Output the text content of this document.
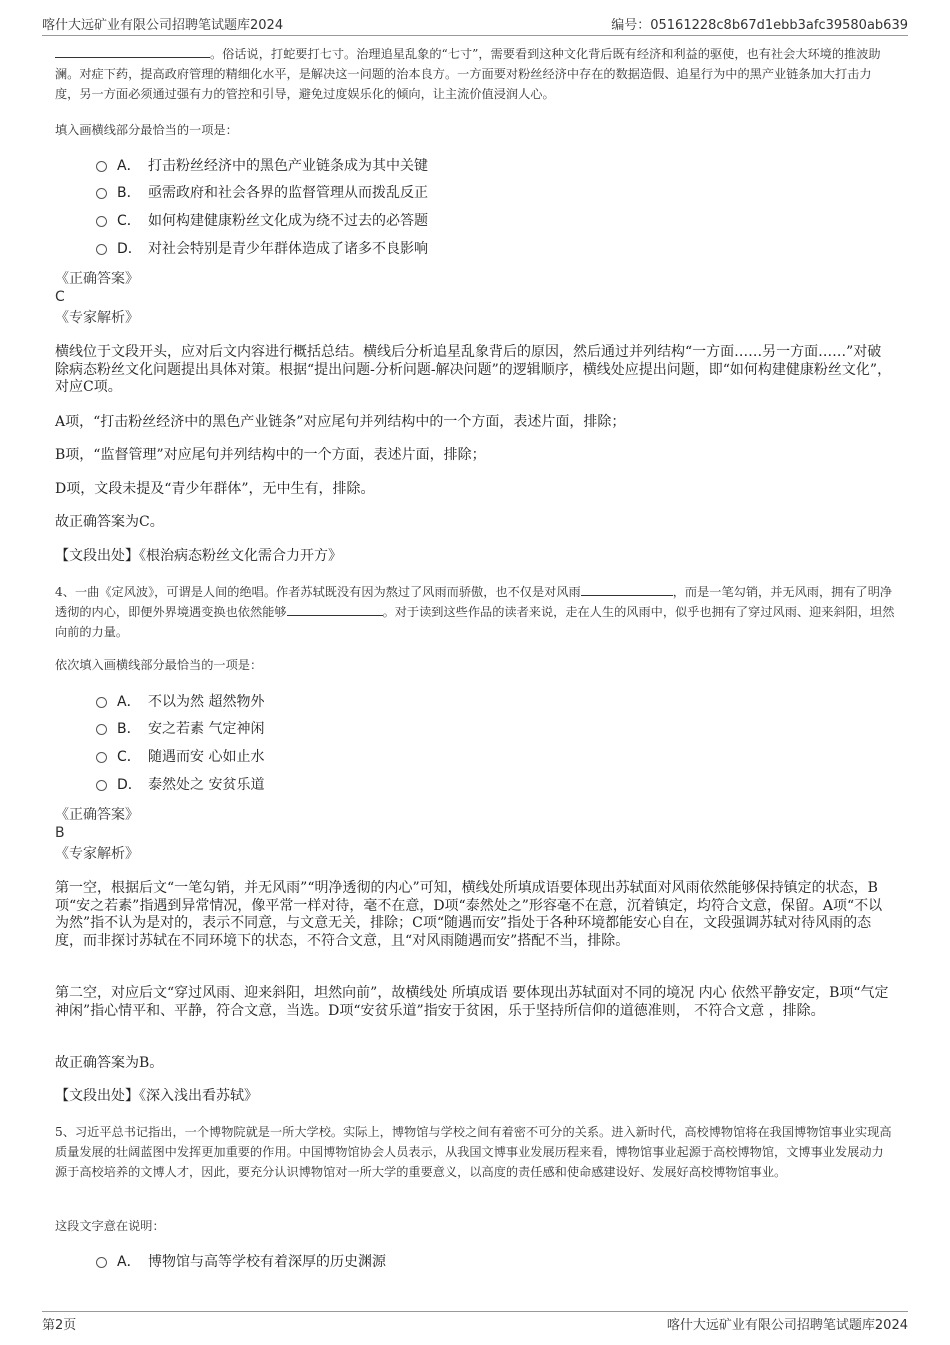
喀什大远矿业有限公司招聘笔试题库2024	编号：05161228c8b67d1ebb3afc39580ab639

。俗话说，打蛇要打七寸。治理追星乱象的“七寸”，需要看到这种文化背后既有经济和利益的驱使，也有社会大环境的推波助澜。对症下药，提高政府管理的精细化水平，是解决这一问题的治本良方。一方面要对粉丝经济中存在的数据造假、追星行为中的黑产业链条加大打击力度，另一方面必须通过强有力的管控和引导，避免过度娱乐化的倾向，让主流价值浸润人心。

填入画横线部分最恰当的一项是：

A． 打击粉丝经济中的黑色产业链条成为其中关键
B． 亟需政府和社会各界的监督管理从而拨乱反正
C． 如何构建健康粉丝文化成为绕不过去的必答题
D． 对社会特别是青少年群体造成了诸多不良影响

《正确答案》

C

《专家解析》

横线位于文段开头，应对后文内容进行概括总结。横线后分析追星乱象背后的原因，然后通过并列结构“一方面……另一方面……”对破除病态粉丝文化问题提出具体对策。根据“提出问题-分析问题-解决问题”的逻辑顺序，横线处应提出问题，即“如何构建健康粉丝文化”，对应C项。

A项，“打击粉丝经济中的黑色产业链条”对应尾句并列结构中的一个方面，表述片面，排除；

B项，“监督管理”对应尾句并列结构中的一个方面，表述片面，排除；

D项，文段未提及“青少年群体”，无中生有，排除。

故正确答案为C。

【文段出处】《根治病态粉丝文化需合力开方》

4、一曲《定风波》，可谓是人间的绝唱。作者苏轼既没有因为熬过了风雨而骄傲，也不仅是对风雨	，而是一笔勾销，并无风雨，拥有了明净透彻的内心，即便外界境遇变换也依然能够	。对于读到这些作品的读者来说，走在人生的风雨中，似乎也拥有了穿过风雨、迎来斜阳，坦然向前的力量。

依次填入画横线部分最恰当的一项是：

A． 不以为然 超然物外
B． 安之若素 气定神闲
C． 随遇而安 心如止水
D． 泰然处之 安贫乐道

《正确答案》

B

《专家解析》

第一空，根据后文“一笔勾销，并无风雨”“明净透彻的内心”可知，横线处所填成语要体现出苏轼面对风雨依然能够保持镇定的状态，B项“安之若素”指遇到异常情况，像平常一样对待，毫不在意，D项“泰然处之”形容毫不在意，沉着镇定，均符合文意，保留。A项“不以为然”指不认为是对的，表示不同意，与文意无关，排除；C项“随遇而安”指处于各种环境都能安心自在，文段强调苏轼对待风雨的态度，而非探讨苏轼在不同环境下的状态，不符合文意，且“对风雨随遇而安”搭配不当，排除。

第二空，对应后文“穿过风雨、迎来斜阳，坦然向前”，故横线处 所填成语 要体现出苏轼面对不同的境况 内心 依然平静安定，B项“气定神闲”指心情平和、平静，符合文意，当选。D项“安贫乐道”指安于贫困，乐于坚持所信仰的道德准则， 不符合文意 ，排除。

故正确答案为B。

【文段出处】《深入浅出看苏轼》

5、习近平总书记指出，一个博物院就是一所大学校。实际上，博物馆与学校之间有着密不可分的关系。进入新时代，高校博物馆将在我国博物馆事业实现高质量发展的壮阔蓝图中发挥更加重要的作用。中国博物馆协会人员表示，从我国文博事业发展历程来看，博物馆事业起源于高校博物馆，文博事业发展动力源于高校培养的文博人才，因此，要充分认识博物馆对一所大学的重要意义，以高度的责任感和使命感建设好、发展好高校博物馆事业。

这段文字意在说明：

A． 博物馆与高等学校有着深厚的历史渊源
第2页	喀什大远矿业有限公司招聘笔试题库2024
